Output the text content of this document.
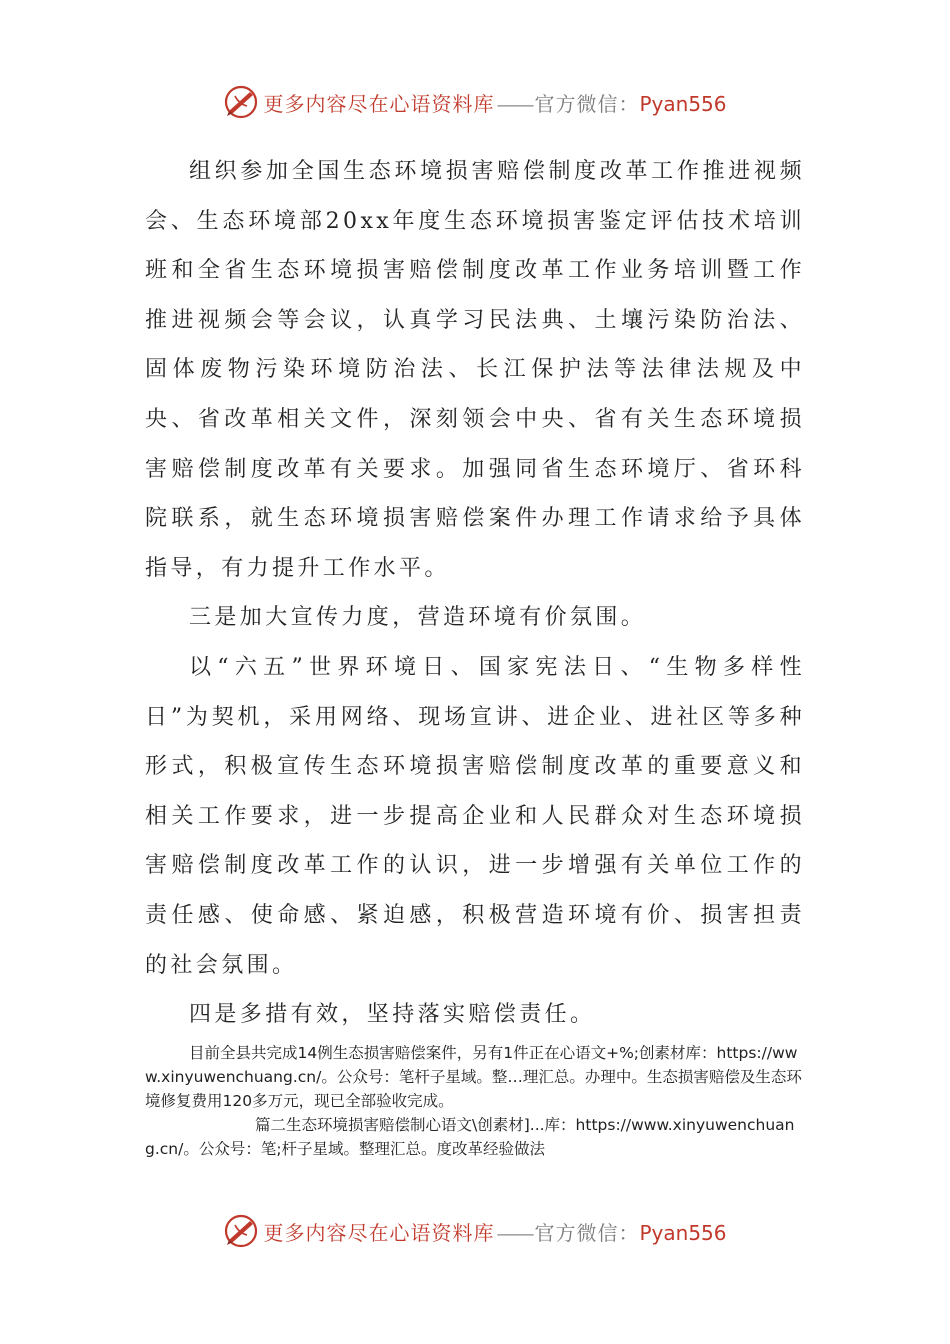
更多内容尽在心语资料库 —— 官方微信：Pyan556

组织参加全国生态环境损害赔偿制度改革工作推进视频会、生态环境部20xx年度生态环境损害鉴定评估技术培训班和全省生态环境损害赔偿制度改革工作业务培训暨工作推进视频会等会议，认真学习民法典、土壤污染防治法、固体废物污染环境防治法、长江保护法等法律法规及中央、省改革相关文件，深刻领会中央、省有关生态环境损害赔偿制度改革有关要求。加强同省生态环境厅、省环科院联系，就生态环境损害赔偿案件办理工作请求给予具体指导，有力提升工作水平。

三是加大宣传力度，营造环境有价氛围。

以“六五”世界环境日、国家宪法日、“生物多样性日”为契机，采用网络、现场宣讲、进企业、进社区等多种形式，积极宣传生态环境损害赔偿制度改革的重要意义和相关工作要求，进一步提高企业和人民群众对生态环境损害赔偿制度改革工作的认识，进一步增强有关单位工作的责任感、使命感、紧迫感，积极营造环境有价、损害担责的社会氛围。

四是多措有效，坚持落实赔偿责任。

目前全县共完成14例生态损害赔偿案件，另有1件正在心语文+%;创素材库：https://www.xinyuwenchuang.cn/。公众号：笔杆子星域。整…理汇总。办理中。生态损害赔偿及生态环境修复费用120多万元，现已全部验收完成。

篇二生态环境损害赔偿制心语文\创素材]...库：https://www.xinyuwenchuang.cn/。公众号：笔;杆子星域。整理汇总。度改革经验做法

更多内容尽在心语资料库 —— 官方微信：Pyan556
